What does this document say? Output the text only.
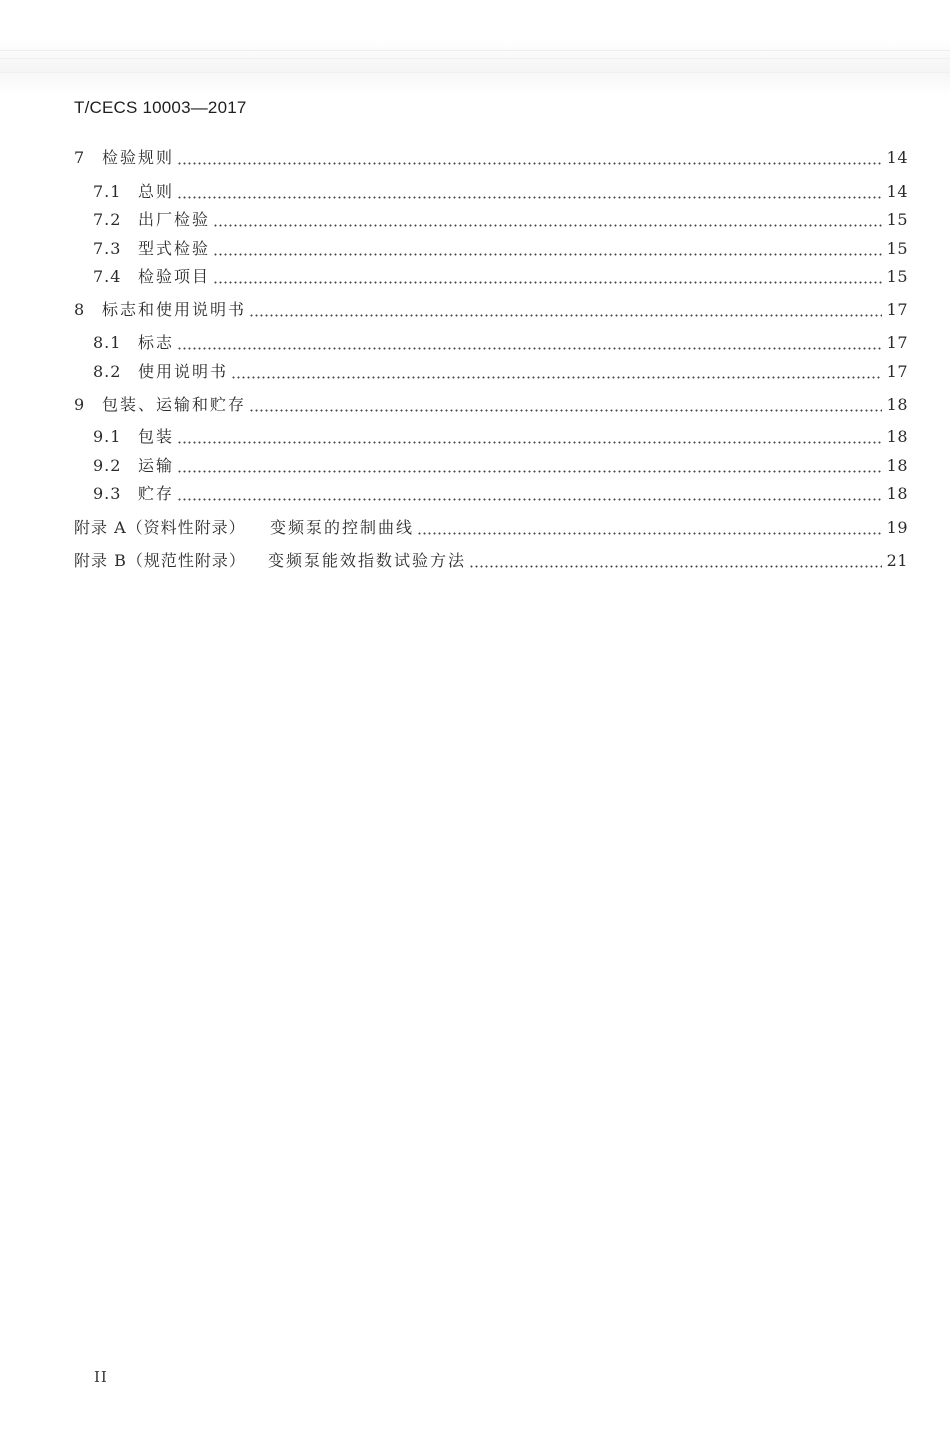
T/CECS 10003—2017
7	检验规则	14
7.1	总则	14
7.2	出厂检验	15
7.3	型式检验	15
7.4	检验项目	15
8	标志和使用说明书	17
8.1	标志	17
8.2	使用说明书	17
9	包装、运输和贮存	18
9.1	包装	18
9.2	运输	18
9.3	贮存	18
附录 A（资料性附录）	变频泵的控制曲线	19
附录 B（规范性附录）	变频泵能效指数试验方法	21
II
